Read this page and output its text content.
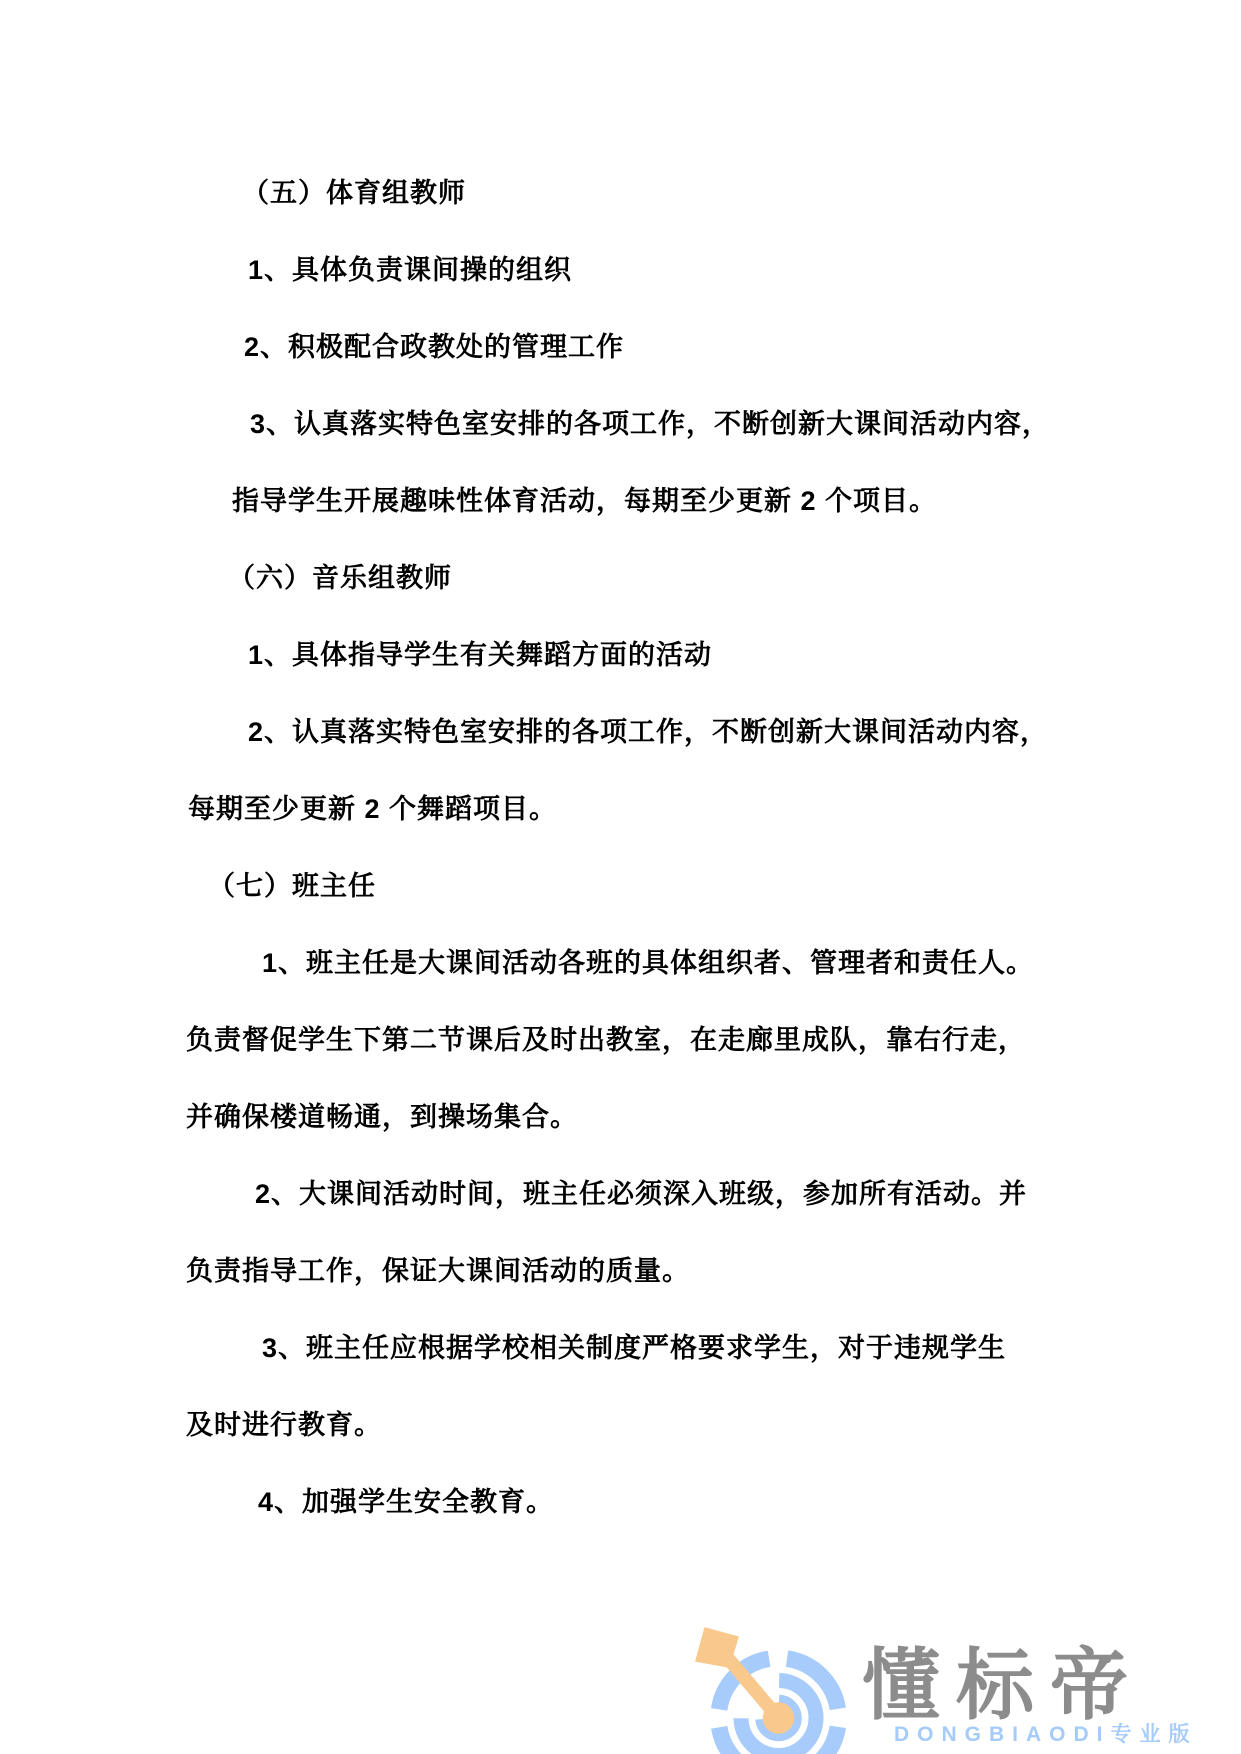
（五）体育组教师
1、具体负责课间操的组织
2、积极配合政教处的管理工作
3、认真落实特色室安排的各项工作，不断创新大课间活动内容，
指导学生开展趣味性体育活动，每期至少更新 2 个项目。
（六）音乐组教师
1、具体指导学生有关舞蹈方面的活动
2、认真落实特色室安排的各项工作，不断创新大课间活动内容，
每期至少更新 2 个舞蹈项目。
（七）班主任
1、班主任是大课间活动各班的具体组织者、管理者和责任人。
负责督促学生下第二节课后及时出教室，在走廊里成队，靠右行走，
并确保楼道畅通，到操场集合。
2、大课间活动时间，班主任必须深入班级，参加所有活动。并
负责指导工作，保证大课间活动的质量。
3、班主任应根据学校相关制度严格要求学生，对于违规学生
及时进行教育。
4、加强学生安全教育。
懂标帝
DONGBIAODI专业版
